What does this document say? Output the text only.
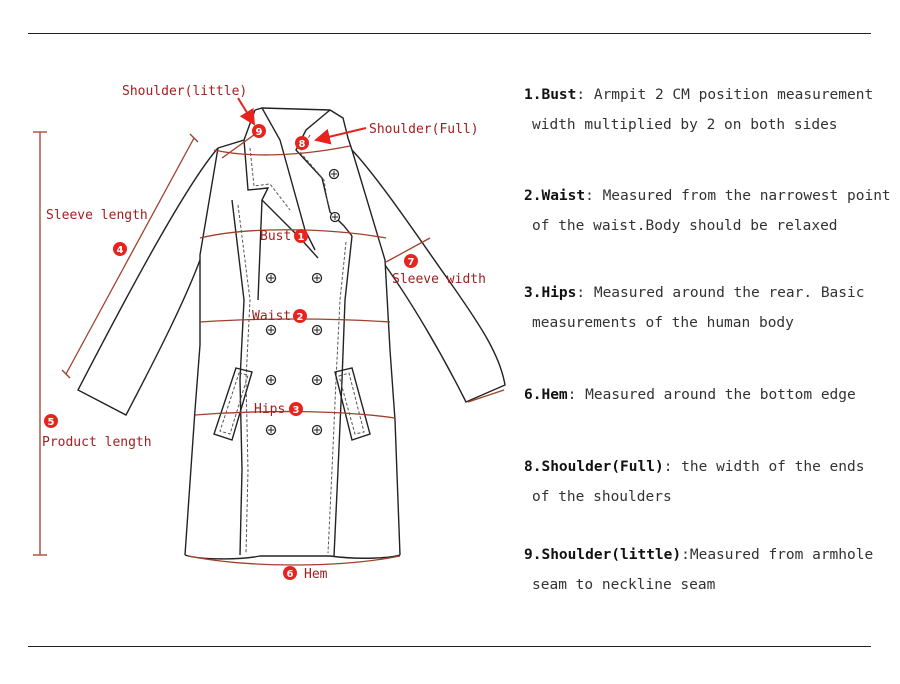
Shoulder(little)
9	Shoulder(Full)
8
Sleeve length
4
Bust 1
7
Sleeve width
Waist 2
Hips 3
5
Product length
6 Hem
1.Bust: Armpit 2 CM position measurement
width multiplied by 2 on both sides
2.Waist: Measured from the narrowest point
of the waist.Body should be relaxed
3.Hips: Measured around the rear. Basic
measurements of the human body
6.Hem: Measured around the bottom edge
8.Shoulder(Full): the width of the ends
of the shoulders
9.Shoulder(little):Measured from armhole
seam to neckline seam
